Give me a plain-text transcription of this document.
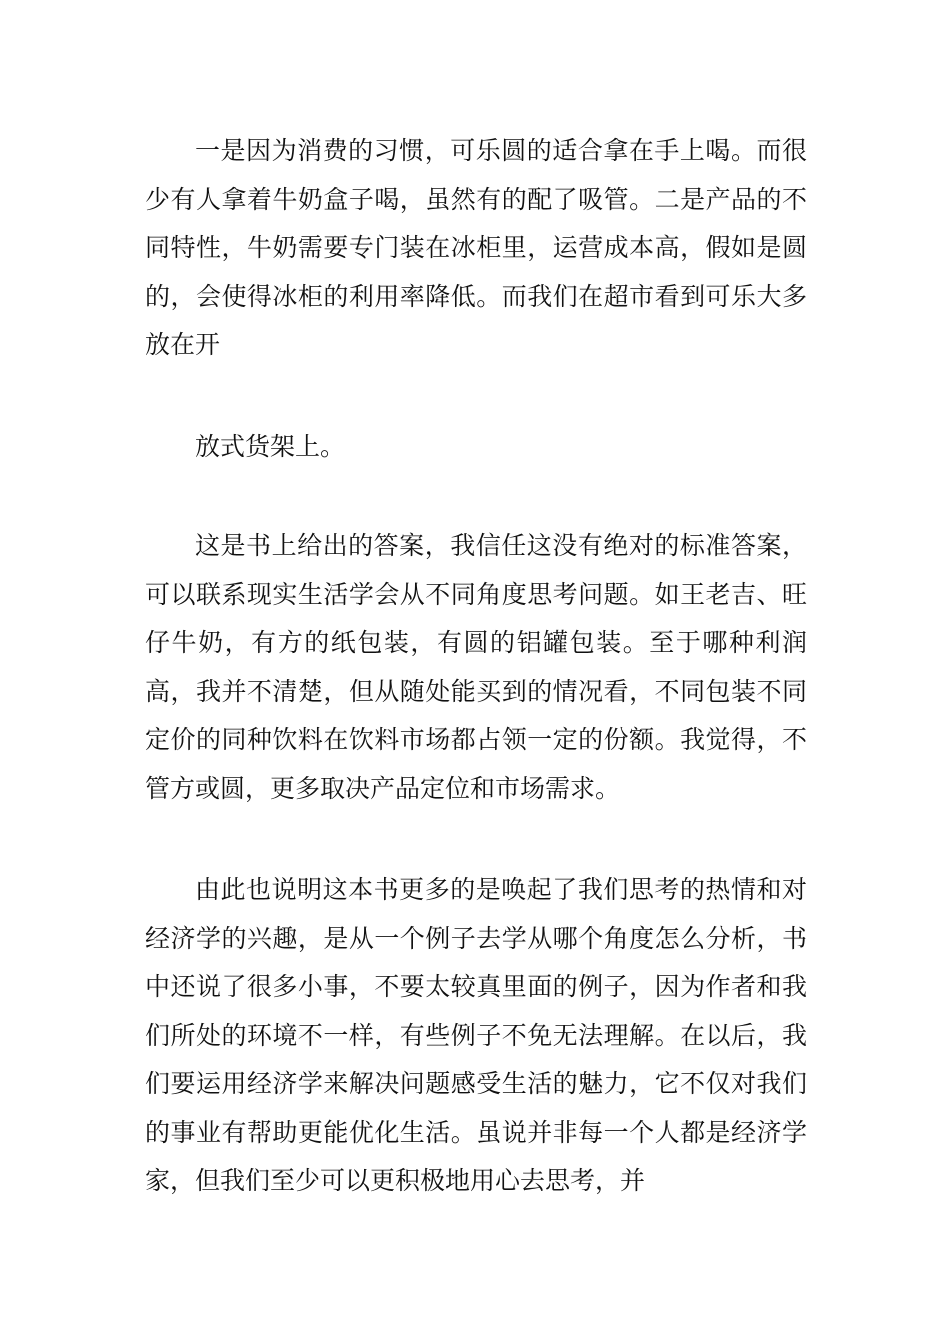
一是因为消费的习惯，可乐圆的适合拿在手上喝。而很少有人拿着牛奶盒子喝，虽然有的配了吸管。二是产品的不同特性，牛奶需要专门装在冰柜里，运营成本高，假如是圆的，会使得冰柜的利用率降低。而我们在超市看到可乐大多放在开

放式货架上。

这是书上给出的答案，我信任这没有绝对的标准答案，可以联系现实生活学会从不同角度思考问题。如王老吉、旺仔牛奶，有方的纸包装，有圆的铝罐包装。至于哪种利润高，我并不清楚，但从随处能买到的情况看，不同包装不同定价的同种饮料在饮料市场都占领一定的份额。我觉得，不管方或圆，更多取决产品定位和市场需求。

由此也说明这本书更多的是唤起了我们思考的热情和对经济学的兴趣，是从一个例子去学从哪个角度怎么分析，书中还说了很多小事，不要太较真里面的例子，因为作者和我们所处的环境不一样，有些例子不免无法理解。在以后，我们要运用经济学来解决问题感受生活的魅力，它不仅对我们的事业有帮助更能优化生活。虽说并非每一个人都是经济学家，但我们至少可以更积极地用心去思考，并
